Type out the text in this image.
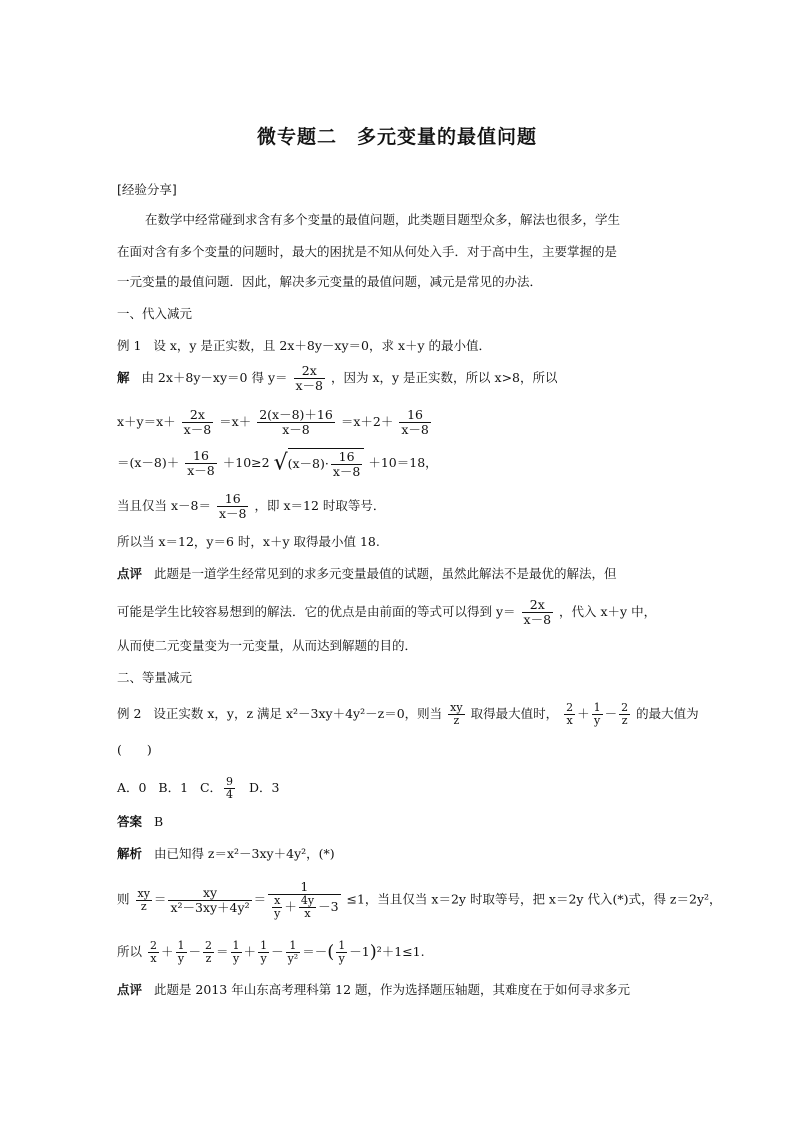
微专题二　多元变量的最值问题
[经验分享]
在数学中经常碰到求含有多个变量的最值问题，此类题目题型众多，解法也很多，学生
在面对含有多个变量的问题时，最大的困扰是不知从何处入手．对于高中生，主要掌握的是
一元变量的最值问题．因此，解决多元变量的最值问题，减元是常见的办法．
一、代入减元
例 1 设 x，y 是正实数，且 2x＋8y－xy＝0，求 x＋y 的最小值．
解 由 2x＋8y－xy＝0 得 $y= \frac{2x}{x-8}$ ，因为 x，y 是正实数，所以 x>8，所以
$x+y=x+ \frac{2x}{x-8} =x+ \frac{2(x-8)+16}{x-8} =x+2+ \frac{16}{x-8}$
$=(x-8)+ \frac{16}{x-8} +10\ge 2$ $√(x-8)\cdot \frac{16}{x-8} +10=18$，
当且仅当 $x-8= \frac{16}{x-8}$ ，即 x＝12 时取等号．
所以当 x＝12，y＝6 时，x＋y 取得最小值 18.
点评 此题是一道学生经常见到的求多元变量最值的试题，虽然此解法不是最优的解法，但
可能是学生比较容易想到的解法．它的优点是由前面的等式可以得到 $y= \frac{2x}{x-8}$ ，代入 x＋y 中，
从而使二元变量变为一元变量，从而达到解题的目的．
二、等量减元
例 2 设正实数 x，y，z 满足 x²－3xy＋4y²－z＝0，则当 $\frac{xy}{z}$ 取得最大值时， $\frac{2}{x} + \frac{1}{y} - \frac{2}{z}$ 的最大值为
(　　)
A．0 B．1 C． $\frac{9}{4}$ D．3
答案 B
解析 由已知得 z＝x²－3xy＋4y²，(*)
则 $\frac{xy}{z} = \frac{xy}{\text{x²－3xy＋4y²}} = \frac{1}{\frac{x}{y} + \frac{4y}{x} -3} \le 1$，当且仅当 x＝2y 时取等号，把 x＝2y 代入(*)式，得 z＝2y²，
所以 $\frac{2}{x} + \frac{1}{y} - \frac{2}{z} = \frac{1}{y} + \frac{1}{y} - \frac{1}{\text{y²}}$ ＝－( $\frac{1}{y} -1)^2+1\le 1$.
点评 此题是 2013 年山东高考理科第 12 题，作为选择题压轴题，其难度在于如何寻求多元
